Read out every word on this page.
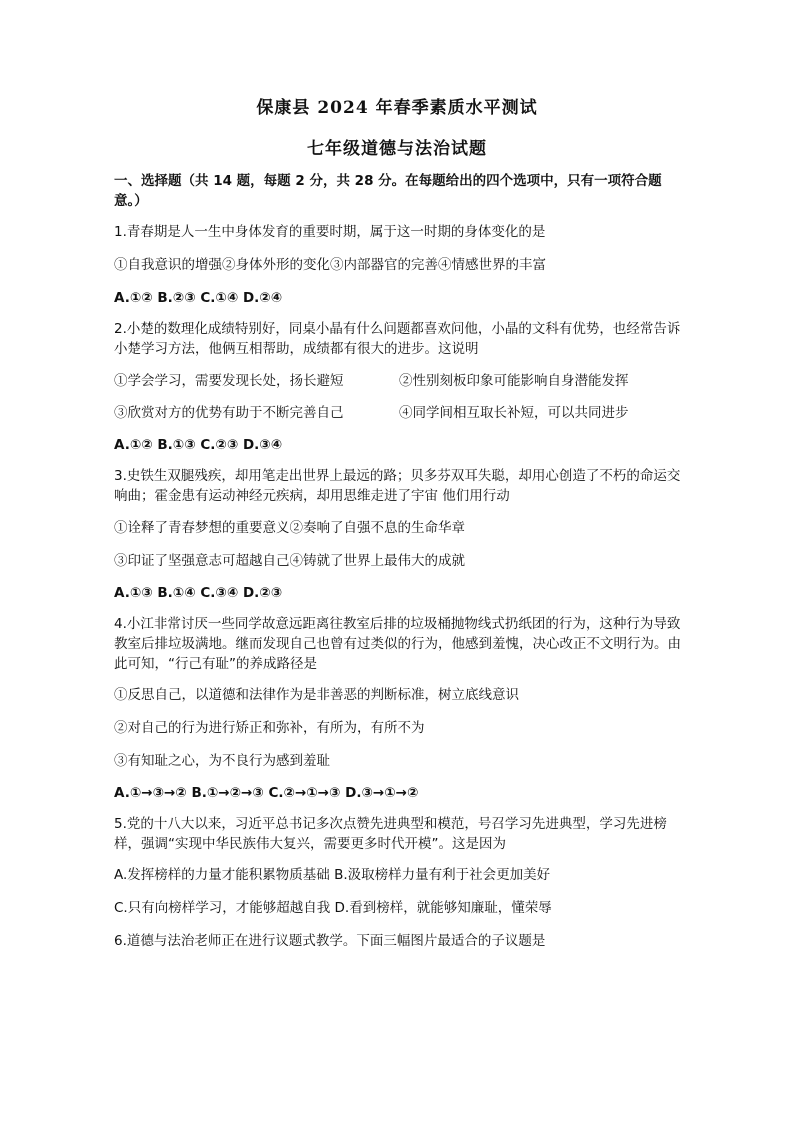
保康县 2024 年春季素质水平测试
七年级道德与法治试题
一、选择题（共 14 题，每题 2 分，共 28 分。在每题给出的四个选项中，只有一项符合题意。）
1.青春期是人一生中身体发育的重要时期，属于这一时期的身体变化的是
①自我意识的增强②身体外形的变化③内部器官的完善④情感世界的丰富
A.①② B.②③ C.①④ D.②④
2.小楚的数理化成绩特别好，同桌小晶有什么问题都喜欢问他，小晶的文科有优势，也经常告诉小楚学习方法，他俩互相帮助，成绩都有很大的进步。这说明
①学会学习，需要发现长处，扬长避短	②性别刻板印象可能影响自身潜能发挥
③欣赏对方的优势有助于不断完善自己	④同学间相互取长补短，可以共同进步
A.①② B.①③ C.②③ D.③④
3.史铁生双腿残疾，却用笔走出世界上最远的路；贝多芬双耳失聪，却用心创造了不朽的命运交响曲；霍金患有运动神经元疾病，却用思维走进了宇宙 他们用行动
①诠释了青春梦想的重要意义②奏响了自强不息的生命华章
③印证了坚强意志可超越自己④铸就了世界上最伟大的成就
A.①③ B.①④ C.③④ D.②③
4.小江非常讨厌一些同学故意远距离往教室后排的垃圾桶抛物线式扔纸团的行为，这种行为导致教室后排垃圾满地。继而发现自己也曾有过类似的行为，他感到羞愧，决心改正不文明行为。由此可知，“行己有耻”的养成路径是
①反思自己，以道德和法律作为是非善恶的判断标准，树立底线意识
②对自己的行为进行矫正和弥补，有所为，有所不为
③有知耻之心，为不良行为感到羞耻
A.①→③→② B.①→②→③ C.②→①→③ D.③→①→②
5.党的十八大以来，习近平总书记多次点赞先进典型和模范，号召学习先进典型，学习先进榜样，强调“实现中华民族伟大复兴，需要更多时代开模”。这是因为
A.发挥榜样的力量才能积累物质基础 B.汲取榜样力量有利于社会更加美好
C.只有向榜样学习，才能够超越自我 D.看到榜样，就能够知廉耻，懂荣辱
6.道德与法治老师正在进行议题式教学。下面三幅图片最适合的子议题是
